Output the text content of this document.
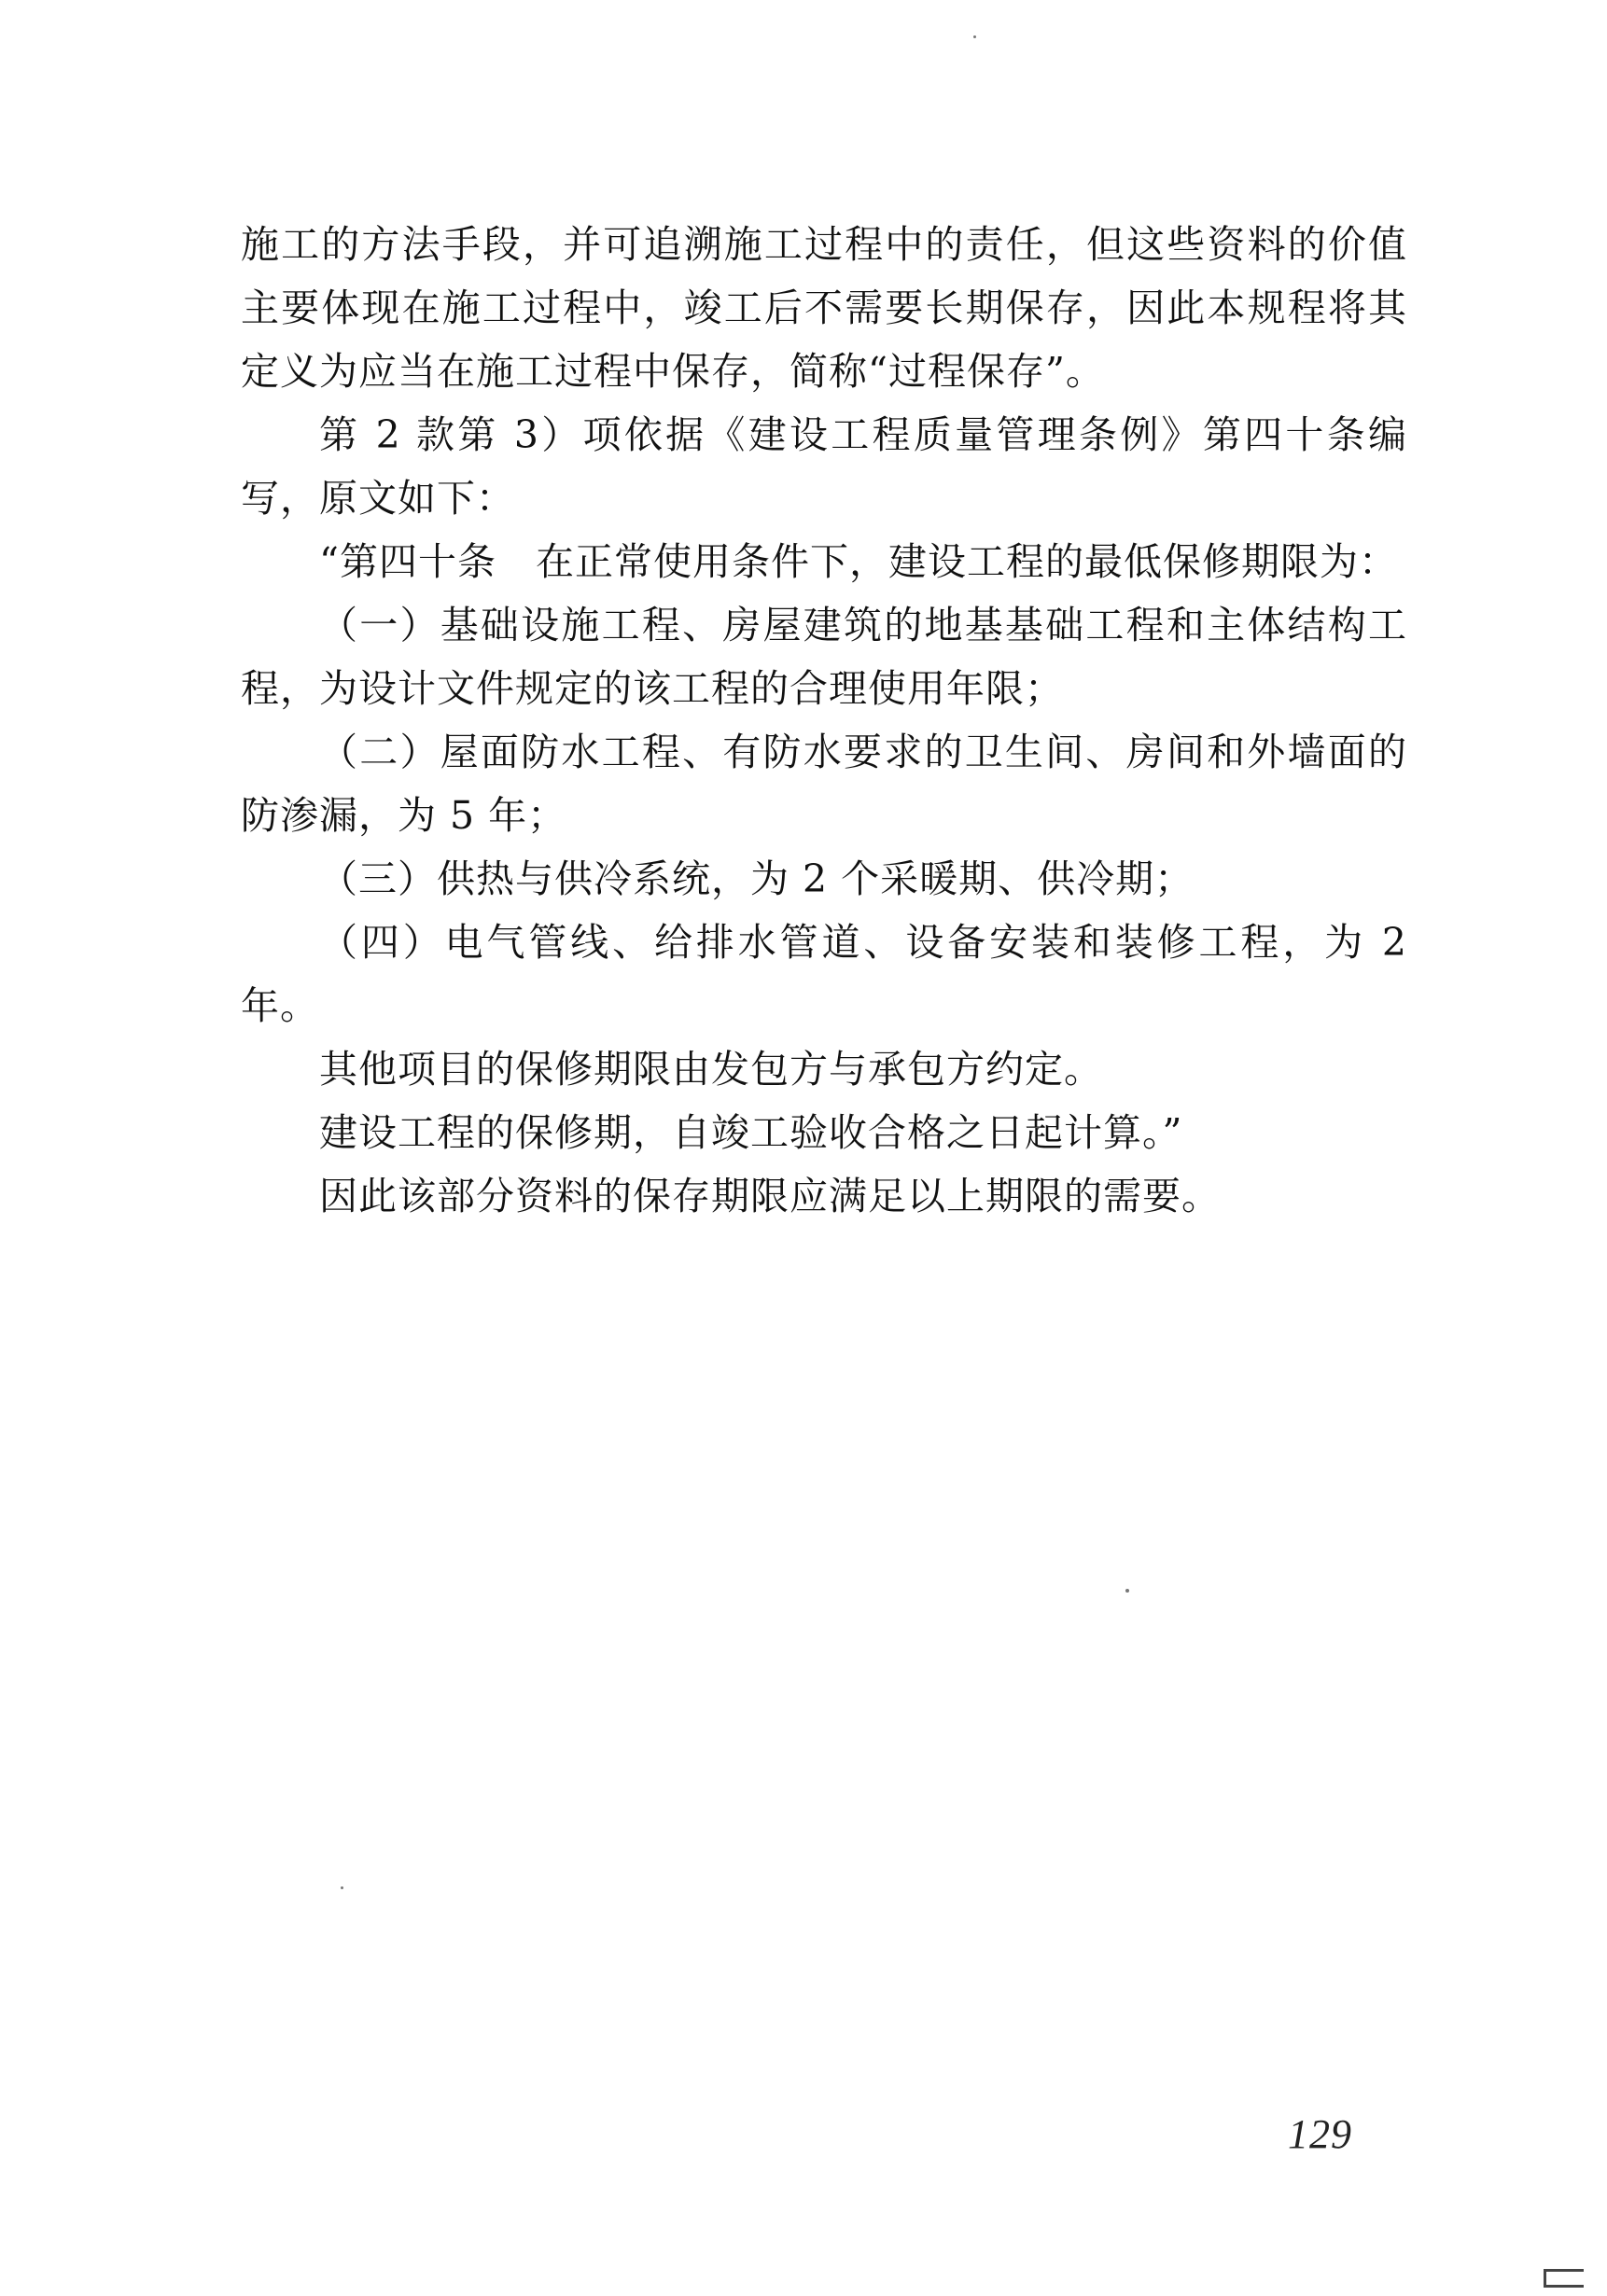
施工的方法手段，并可追溯施工过程中的责任，但这些资料的价值主要体现在施工过程中，竣工后不需要长期保存，因此本规程将其定义为应当在施工过程中保存，简称“过程保存”。

第 2 款第 3）项依据《建设工程质量管理条例》第四十条编写，原文如下：

“第四十条　在正常使用条件下，建设工程的最低保修期限为：

（一）基础设施工程、房屋建筑的地基基础工程和主体结构工程，为设计文件规定的该工程的合理使用年限；

（二）屋面防水工程、有防水要求的卫生间、房间和外墙面的防渗漏，为 5 年；

（三）供热与供冷系统，为 2 个采暖期、供冷期；

（四）电气管线、给排水管道、设备安装和装修工程，为 2 年。

其他项目的保修期限由发包方与承包方约定。

建设工程的保修期，自竣工验收合格之日起计算。”

因此该部分资料的保存期限应满足以上期限的需要。

129
